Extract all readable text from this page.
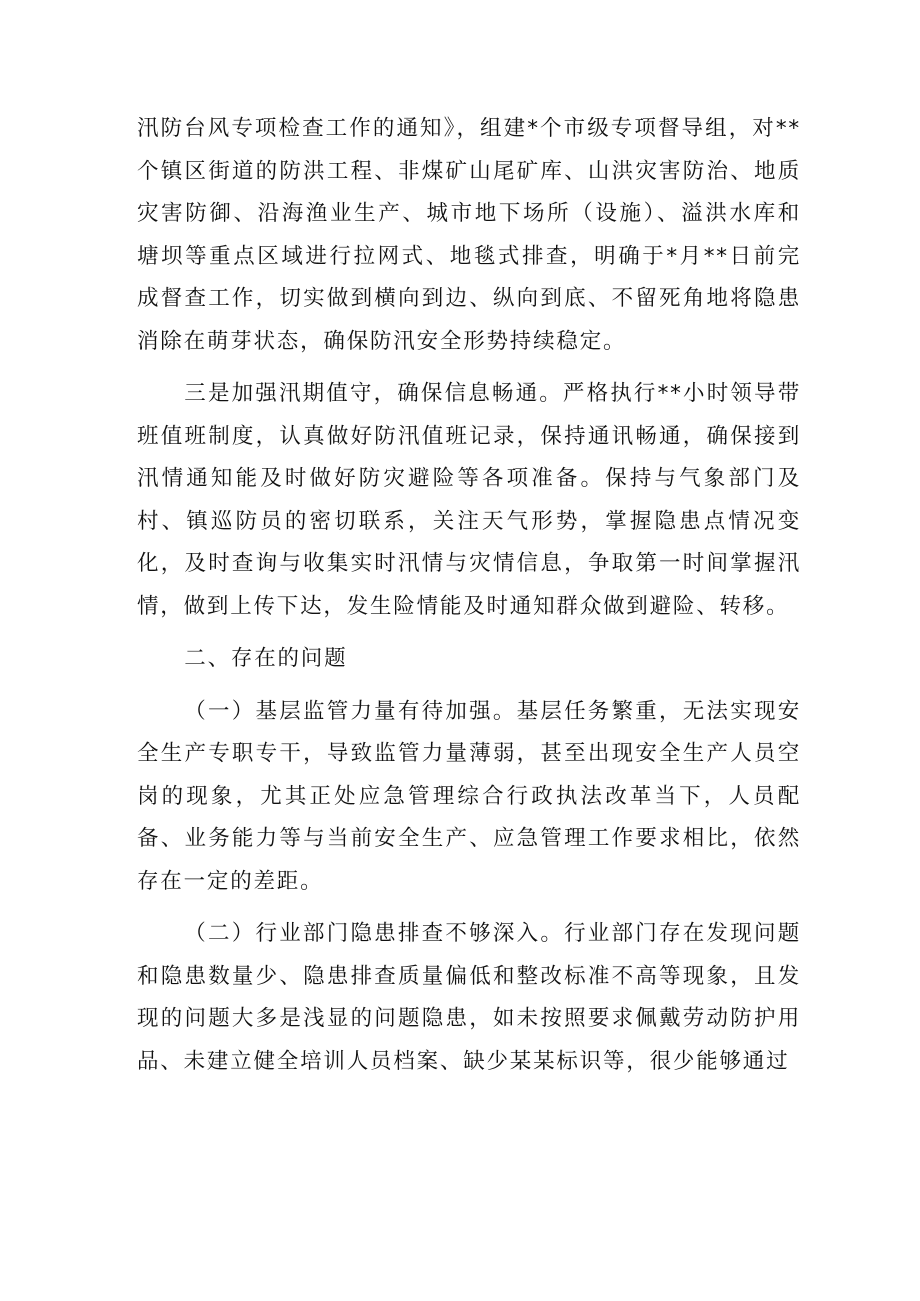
汛防台风专项检查工作的通知》，组建*个市级专项督导组，对**个镇区街道的防洪工程、非煤矿山尾矿库、山洪灾害防治、地质灾害防御、沿海渔业生产、城市地下场所（设施）、溢洪水库和塘坝等重点区域进行拉网式、地毯式排查，明确于*月**日前完成督查工作，切实做到横向到边、纵向到底、不留死角地将隐患消除在萌芽状态，确保防汛安全形势持续稳定。

三是加强汛期值守，确保信息畅通。严格执行**小时领导带班值班制度，认真做好防汛值班记录，保持通讯畅通，确保接到汛情通知能及时做好防灾避险等各项准备。保持与气象部门及村、镇巡防员的密切联系，关注天气形势，掌握隐患点情况变化，及时查询与收集实时汛情与灾情信息，争取第一时间掌握汛情，做到上传下达，发生险情能及时通知群众做到避险、转移。

二、存在的问题

（一）基层监管力量有待加强。基层任务繁重，无法实现安全生产专职专干，导致监管力量薄弱，甚至出现安全生产人员空岗的现象，尤其正处应急管理综合行政执法改革当下，人员配备、业务能力等与当前安全生产、应急管理工作要求相比，依然存在一定的差距。

（二）行业部门隐患排查不够深入。行业部门存在发现问题和隐患数量少、隐患排查质量偏低和整改标准不高等现象，且发现的问题大多是浅显的问题隐患，如未按照要求佩戴劳动防护用品、未建立健全培训人员档案、缺少某某标识等，很少能够通过
